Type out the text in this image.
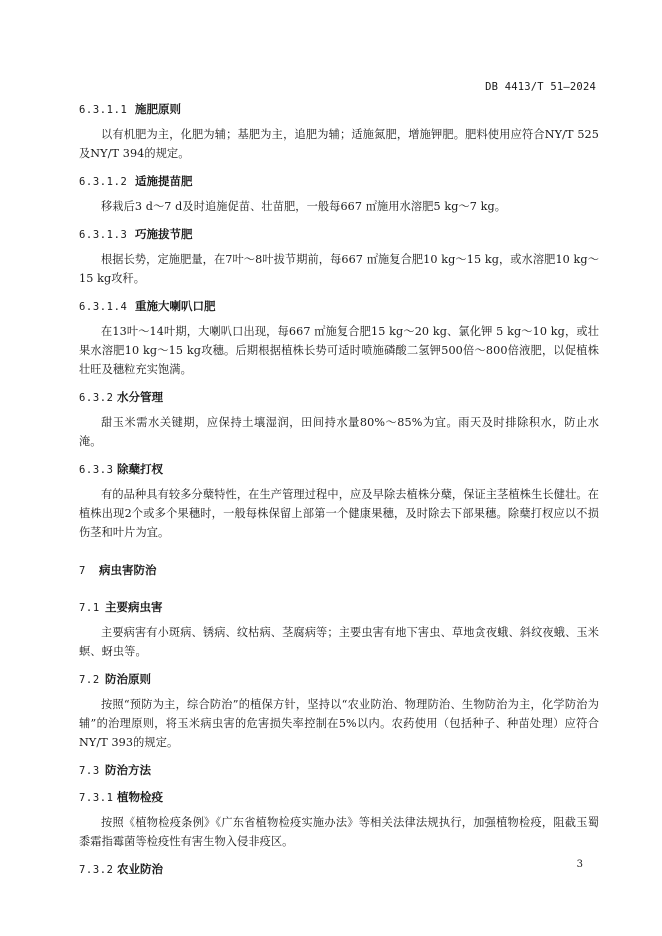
DB 4413/T 51—2024
6.3.1.1 施肥原则

以有机肥为主，化肥为辅；基肥为主，追肥为辅；适施氮肥，增施钾肥。肥料使用应符合NY/T 525及NY/T 394的规定。

6.3.1.2 适施提苗肥

移栽后3 d～7 d及时追施促苗、壮苗肥，一般每667 ㎡施用水溶肥5 kg～7 kg。

6.3.1.3 巧施拔节肥

根据长势，定施肥量，在7叶～8叶拔节期前，每667 ㎡施复合肥10 kg～15 kg，或水溶肥10 kg～15 kg攻秆。

6.3.1.4 重施大喇叭口肥

在13叶～14叶期，大喇叭口出现，每667 ㎡施复合肥15 kg～20 kg、氯化钾 5 kg～10 kg，或壮果水溶肥10 kg～15 kg攻穗。后期根据植株长势可适时喷施磷酸二氢钾500倍～800倍液肥，以促植株壮旺及穗粒充实饱满。

6.3.2 水分管理

甜玉米需水关键期，应保持土壤湿润，田间持水量80%～85%为宜。雨天及时排除积水，防止水淹。

6.3.3 除蘖打杈

有的品种具有较多分蘖特性，在生产管理过程中，应及早除去植株分蘖，保证主茎植株生长健壮。在植株出现2个或多个果穗时，一般每株保留上部第一个健康果穗，及时除去下部果穗。除蘖打杈应以不损伤茎和叶片为宜。

7	病虫害防治
7.1 主要病虫害

主要病害有小斑病、锈病、纹枯病、茎腐病等；主要虫害有地下害虫、草地贪夜蛾、斜纹夜蛾、玉米螟、蚜虫等。

7.2 防治原则

按照“预防为主，综合防治”的植保方针，坚持以“农业防治、物理防治、生物防治为主，化学防治为辅”的治理原则，将玉米病虫害的危害损失率控制在5%以内。农药使用（包括种子、种苗处理）应符合NY/T 393的规定。

7.3 防治方法
7.3.1 植物检疫

按照《植物检疫条例》《广东省植物检疫实施办法》等相关法律法规执行，加强植物检疫，阻截玉蜀黍霜指霉菌等检疫性有害生物入侵非疫区。

7.3.2 农业防治	3
